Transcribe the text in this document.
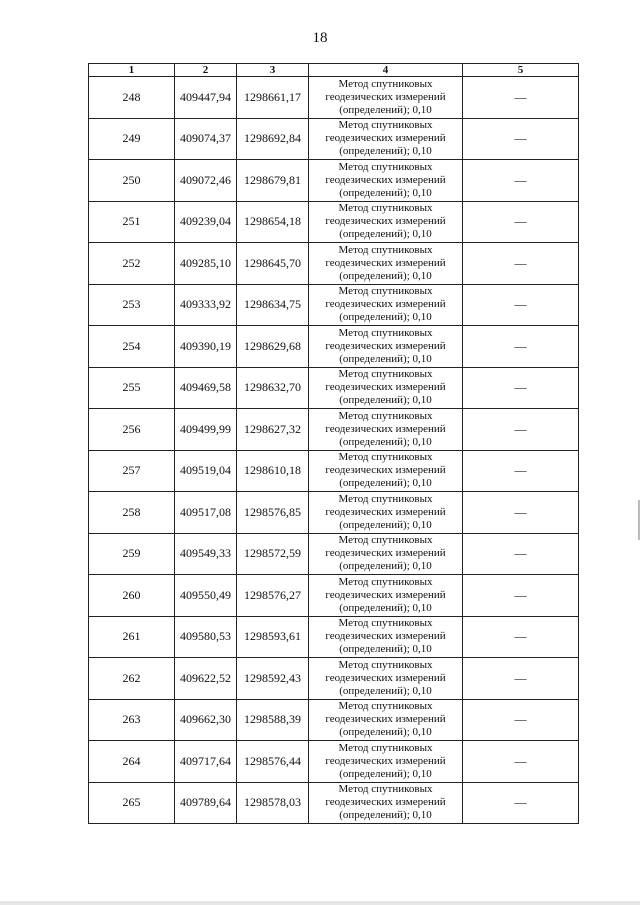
18
1	2	3	4	5
248	409447,94	1298661,17	Метод спутниковых
геодезических измерений
(определений); 0,10	—
249	409074,37	1298692,84	Метод спутниковых
геодезических измерений
(определений); 0,10	—
250	409072,46	1298679,81	Метод спутниковых
геодезических измерений
(определений); 0,10	—
251	409239,04	1298654,18	Метод спутниковых
геодезических измерений
(определений); 0,10	—
252	409285,10	1298645,70	Метод спутниковых
геодезических измерений
(определений); 0,10	—
253	409333,92	1298634,75	Метод спутниковых
геодезических измерений
(определений); 0,10	—
254	409390,19	1298629,68	Метод спутниковых
геодезических измерений
(определений); 0,10	—
255	409469,58	1298632,70	Метод спутниковых
геодезических измерений
(определений); 0,10	—
256	409499,99	1298627,32	Метод спутниковых
геодезических измерений
(определений); 0,10	—
257	409519,04	1298610,18	Метод спутниковых
геодезических измерений
(определений); 0,10	—
258	409517,08	1298576,85	Метод спутниковых
геодезических измерений
(определений); 0,10	—
259	409549,33	1298572,59	Метод спутниковых
геодезических измерений
(определений); 0,10	—
260	409550,49	1298576,27	Метод спутниковых
геодезических измерений
(определений); 0,10	—
261	409580,53	1298593,61	Метод спутниковых
геодезических измерений
(определений); 0,10	—
262	409622,52	1298592,43	Метод спутниковых
геодезических измерений
(определений); 0,10	—
263	409662,30	1298588,39	Метод спутниковых
геодезических измерений
(определений); 0,10	—
264	409717,64	1298576,44	Метод спутниковых
геодезических измерений
(определений); 0,10	—
265	409789,64	1298578,03	Метод спутниковых
геодезических измерений
(определений); 0,10	—
